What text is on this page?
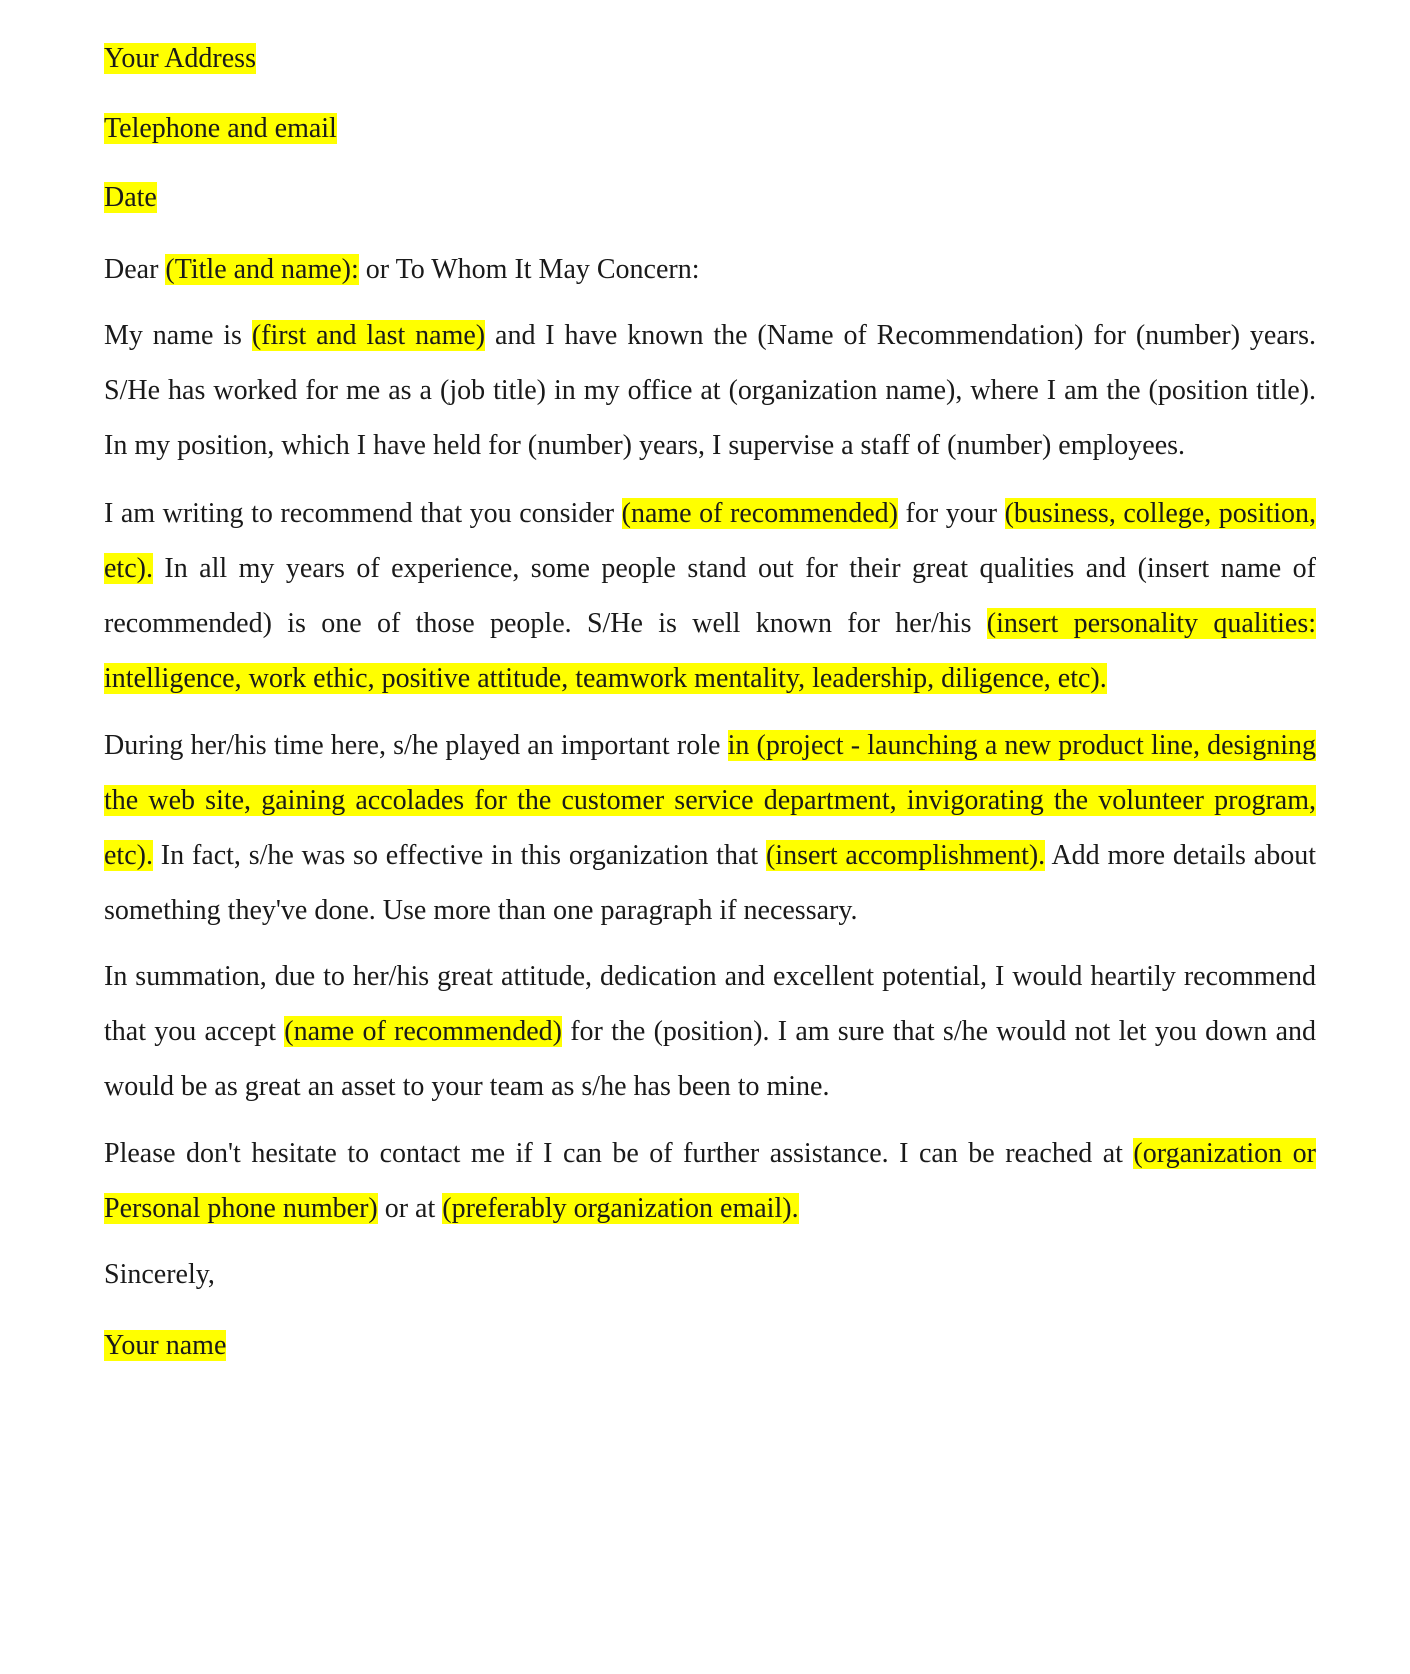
Your Address

Telephone and email

Date

Dear (Title and name): or To Whom It May Concern:

My name is (first and last name) and I have known the (Name of Recommendation) for (number) years. S/He has worked for me as a (job title) in my office at (organization name), where I am the (position title). In my position, which I have held for (number) years, I supervise a staff of (number) employees.

I am writing to recommend that you consider (name of recommended) for your (business, college, position, etc). In all my years of experience, some people stand out for their great qualities and (insert name of recommended) is one of those people. S/He is well known for her/his (insert personality qualities: intelligence, work ethic, positive attitude, teamwork mentality, leadership, diligence, etc).

During her/his time here, s/he played an important role in (project - launching a new product line, designing the web site, gaining accolades for the customer service department, invigorating the volunteer program, etc). In fact, s/he was so effective in this organization that (insert accomplishment). Add more details about something they've done. Use more than one paragraph if necessary.

In summation, due to her/his great attitude, dedication and excellent potential, I would heartily recommend that you accept (name of recommended) for the (position). I am sure that s/he would not let you down and would be as great an asset to your team as s/he has been to mine.

Please don't hesitate to contact me if I can be of further assistance. I can be reached at (organization or Personal phone number) or at (preferably organization email).

Sincerely,

Your name
